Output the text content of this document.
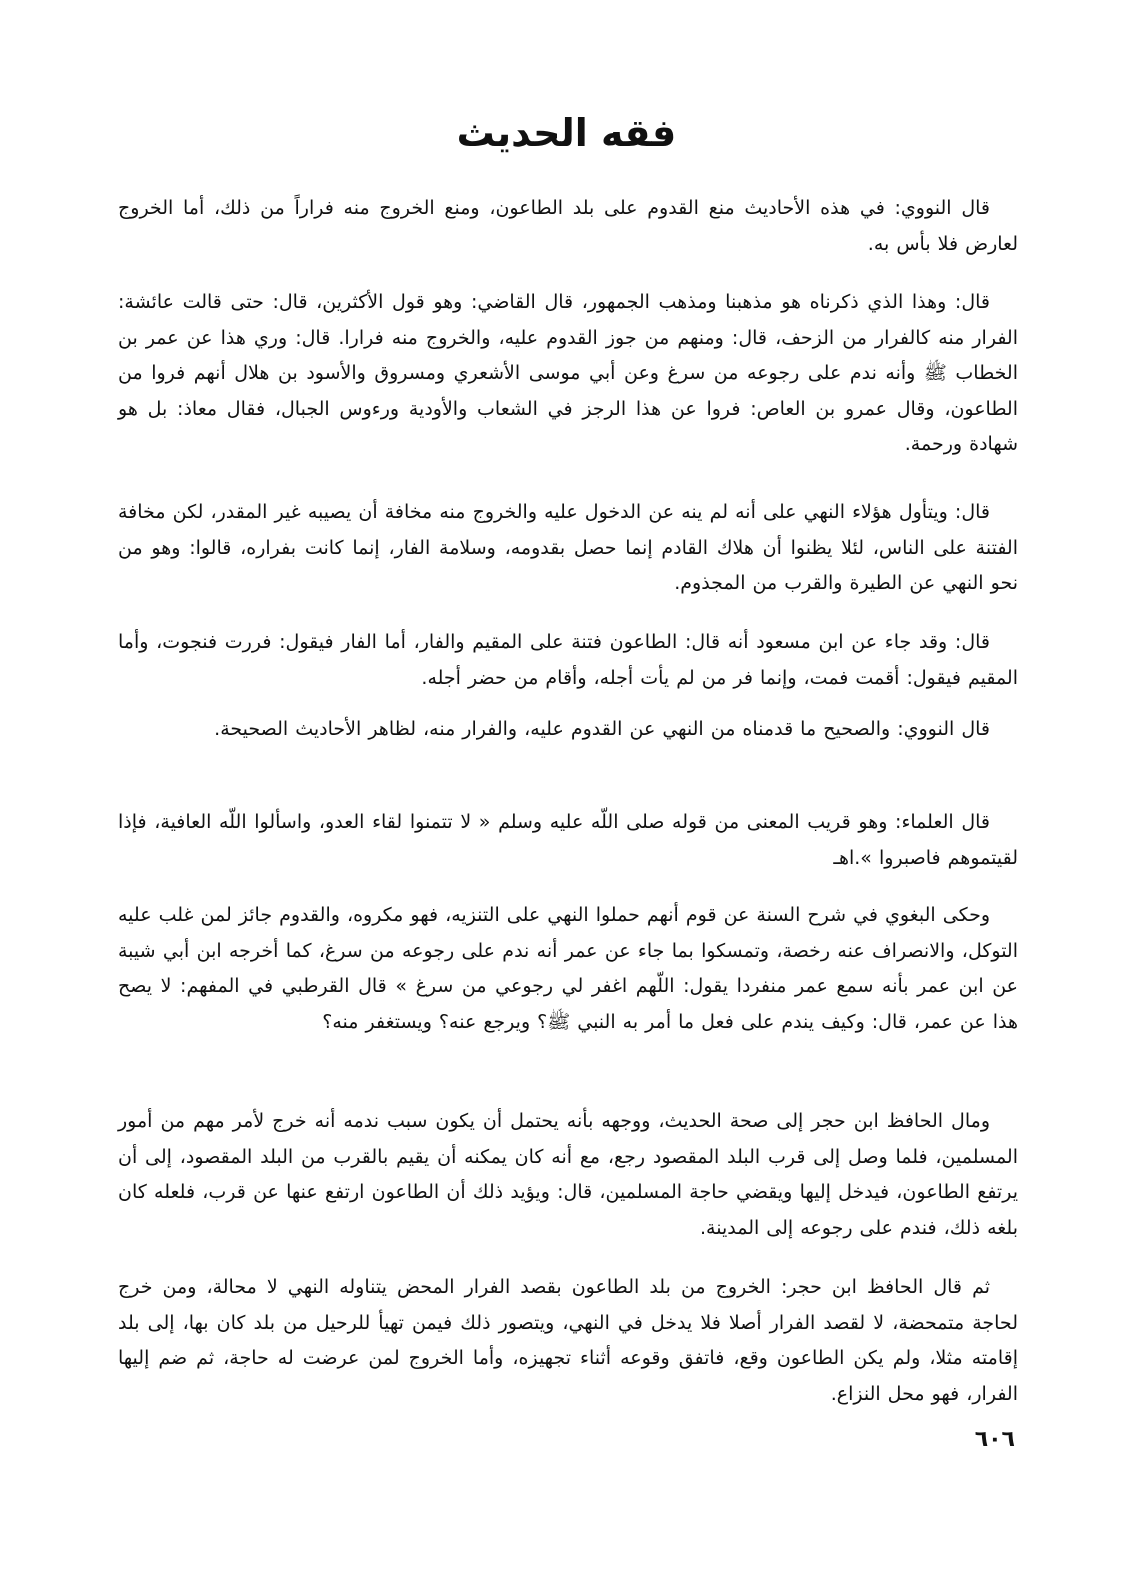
فقه الحديث

قال النووي: في هذه الأحاديث منع القدوم على بلد الطاعون، ومنع الخروج منه فراراً من ذلك، أما الخروج لعارض فلا بأس به.

قال: وهذا الذي ذكرناه هو مذهبنا ومذهب الجمهور، قال القاضي: وهو قول الأكثرين، قال: حتى قالت عائشة: الفرار منه كالفرار من الزحف، قال: ومنهم من جوز القدوم عليه، والخروج منه فرارا. قال: وري هذا عن عمر بن الخطاب ﷺ وأنه ندم على رجوعه من سرغ وعن أبي موسى الأشعري ومسروق والأسود بن هلال أنهم فروا من الطاعون، وقال عمرو بن العاص: فروا عن هذا الرجز في الشعاب والأودية ورءوس الجبال، فقال معاذ: بل هو شهادة ورحمة.

قال: ويتأول هؤلاء النهي على أنه لم ينه عن الدخول عليه والخروج منه مخافة أن يصيبه غير المقدر، لكن مخافة الفتنة على الناس، لئلا يظنوا أن هلاك القادم إنما حصل بقدومه، وسلامة الفار، إنما كانت بفراره، قالوا: وهو من نحو النهي عن الطيرة والقرب من المجذوم.

قال: وقد جاء عن ابن مسعود أنه قال: الطاعون فتنة على المقيم والفار، أما الفار فيقول: فررت فنجوت، وأما المقيم فيقول: أقمت فمت، وإنما فر من لم يأت أجله، وأقام من حضر أجله.

قال النووي: والصحيح ما قدمناه من النهي عن القدوم عليه، والفرار منه، لظاهر الأحاديث الصحيحة.

قال العلماء: وهو قريب المعنى من قوله صلى اللّه عليه وسلم « لا تتمنوا لقاء العدو، واسألوا اللّه العافية، فإذا لقيتموهم فاصبروا ».اهـ

وحكى البغوي في شرح السنة عن قوم أنهم حملوا النهي على التنزيه، فهو مكروه، والقدوم جائز لمن غلب عليه التوكل، والانصراف عنه رخصة، وتمسكوا بما جاء عن عمر أنه ندم على رجوعه من سرغ، كما أخرجه ابن أبي شيبة عن ابن عمر بأنه سمع عمر منفردا يقول: اللّهم اغفر لي رجوعي من سرغ » قال القرطبي في المفهم: لا يصح هذا عن عمر، قال: وكيف يندم على فعل ما أمر به النبي ﷺ؟ ويرجع عنه؟ ويستغفر منه؟

ومال الحافظ ابن حجر إلى صحة الحديث، ووجهه بأنه يحتمل أن يكون سبب ندمه أنه خرج لأمر مهم من أمور المسلمين، فلما وصل إلى قرب البلد المقصود رجع، مع أنه كان يمكنه أن يقيم بالقرب من البلد المقصود، إلى أن يرتفع الطاعون، فيدخل إليها ويقضي حاجة المسلمين، قال: ويؤيد ذلك أن الطاعون ارتفع عنها عن قرب، فلعله كان بلغه ذلك، فندم على رجوعه إلى المدينة.

ثم قال الحافظ ابن حجر: الخروج من بلد الطاعون بقصد الفرار المحض يتناوله النهي لا محالة، ومن خرج لحاجة متمحضة، لا لقصد الفرار أصلا فلا يدخل في النهي، ويتصور ذلك فيمن تهيأ للرحيل من بلد كان بها، إلى بلد إقامته مثلا، ولم يكن الطاعون وقع، فاتفق وقوعه أثناء تجهيزه، وأما الخروج لمن عرضت له حاجة، ثم ضم إليها الفرار، فهو محل النزاع.

٦٠٦
